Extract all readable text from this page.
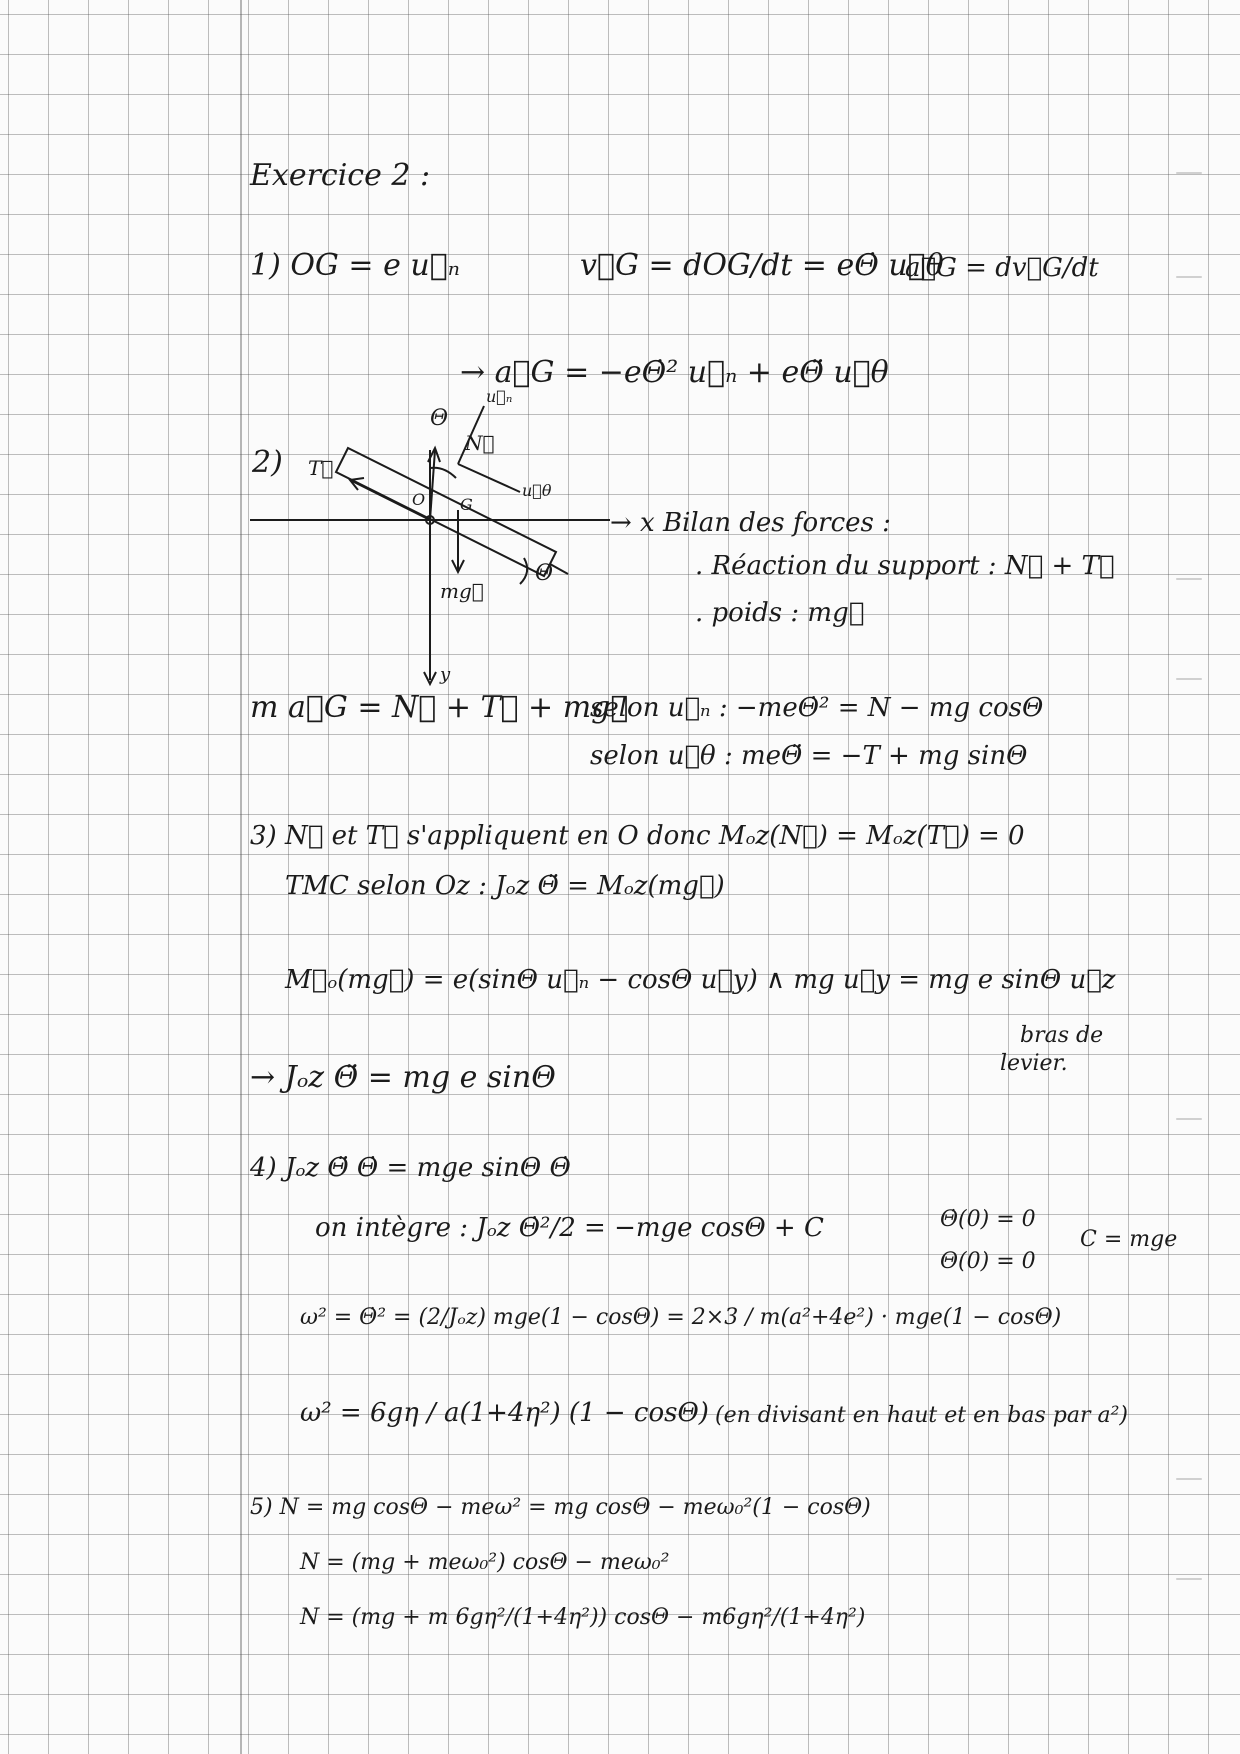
Exercice 2 :
1) OG = e u⃗ₙ	v⃗G = dOG/dt = eΘ̇ u⃗θ
a⃗G = dv⃗G/dt
→ a⃗G = −eΘ̇² u⃗ₙ + eΘ̈ u⃗θ
2)
Θ
N⃗
T⃗
O G
mg⃗
Θ
u⃗ₙ
u⃗θ
y
→ x Bilan des forces :
. Réaction du support : N⃗ + T⃗
. poids : mg⃗
m a⃗G = N⃗ + T⃗ + mg⃗
selon u⃗ₙ : −meΘ̇² = N − mg cosΘ
selon u⃗θ : meΘ̈ = −T + mg sinΘ
3) N⃗ et T⃗ s'appliquent en O donc Mₒz(N⃗) = Mₒz(T⃗) = 0
TMC selon Oz : Jₒz Θ̈ = Mₒz(mg⃗)
M⃗ₒ(mg⃗) = e(sinΘ u⃗ₙ − cosΘ u⃗y) ∧ mg u⃗y = mg e sinΘ u⃗z
bras de
levier.
→ Jₒz Θ̈ = mg e sinΘ
4) Jₒz Θ̈ Θ̇ = mge sinΘ Θ̇
on intègre : Jₒz Θ̇²/2 = −mge cosΘ + C	Θ̇(0) = 0
Θ(0) = 0
C = mge
ω² = Θ̇² = (2/Jₒz) mge(1 − cosΘ) = 2×3 / m(a²+4e²) · mge(1 − cosΘ)
ω² = 6gη / a(1+4η²) (1 − cosΘ) (en divisant en haut et en bas par a²)
5) N = mg cosΘ − meω² = mg cosΘ − meω₀²(1 − cosΘ)
N = (mg + meω₀²) cosΘ − meω₀²
N = (mg + m 6gη²/(1+4η²)) cosΘ − m6gη²/(1+4η²)
